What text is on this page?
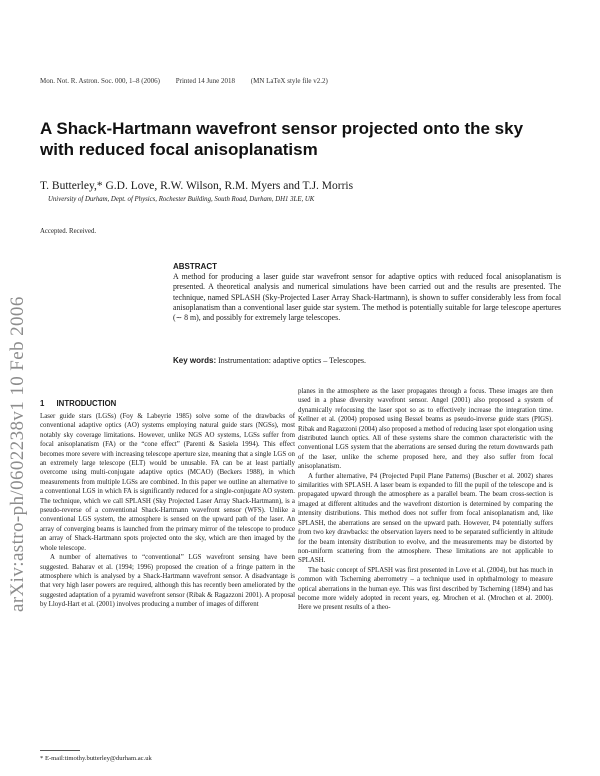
Mon. Not. R. Astron. Soc. 000, 1–8 (2006) Printed 14 June 2018 (MN LaTeX style file v2.2)
arXiv:astro-ph/0602238v1 10 Feb 2006
A Shack-Hartmann wavefront sensor projected onto the sky with reduced focal anisoplanatism

T. Butterley,* G.D. Love, R.W. Wilson, R.M. Myers and T.J. Morris

University of Durham, Dept. of Physics, Rochester Building, South Road, Durham, DH1 3LE, UK

Accepted. Received.

ABSTRACT

A method for producing a laser guide star wavefront sensor for adaptive optics with reduced focal anisoplanatism is presented. A theoretical analysis and numerical simulations have been carried out and the results are presented. The technique, named SPLASH (Sky-Projected Laser Array Shack-Hartmann), is shown to suffer considerably less from focal anisoplanatism than a conventional laser guide star system. The method is potentially suitable for large telescope apertures (∼ 8 m), and possibly for extremely large telescopes.

Key words: Instrumentation: adaptive optics – Telescopes.

1 INTRODUCTION

Laser guide stars (LGSs) (Foy & Labeyrie 1985) solve some of the drawbacks of conventional adaptive optics (AO) systems employing natural guide stars (NGSs), most notably sky coverage limitations. However, unlike NGS AO systems, LGSs suffer from focal anisoplanatism (FA) or the “cone effect” (Parenti & Sasiela 1994). This effect becomes more severe with increasing telescope aperture size, meaning that a single LGS on an extremely large telescope (ELT) would be unusable. FA can be at least partially overcome using multi-conjugate adaptive optics (MCAO) (Beckers 1988), in which measurements from multiple LGSs are combined. In this paper we outline an alternative to a conventional LGS in which FA is significantly reduced for a single-conjugate AO system. The technique, which we call SPLASH (Sky Projected Laser Array Shack-Hartmann), is a pseudo-reverse of a conventional Shack-Hartmann wavefront sensor (WFS). Unlike a conventional LGS system, the atmosphere is sensed on the upward path of the laser. An array of converging beams is launched from the primary mirror of the telescope to produce an array of Shack-Hartmann spots projected onto the sky, which are then imaged by the whole telescope.

A number of alternatives to “conventional” LGS wavefront sensing have been suggested. Baharav et al. (1994; 1996) proposed the creation of a fringe pattern in the atmosphere which is analysed by a Shack-Hartmann wavefront sensor. A disadvantage is that very high laser powers are required, although this has recently been ameliorated by the suggested adaptation of a pyramid wavefront sensor (Ribak & Ragazzoni 2001). A proposal by Lloyd-Hart et al. (2001) involves producing a number of images of different

planes in the atmosphere as the laser propagates through a focus. These images are then used in a phase diversity wavefront sensor. Angel (2001) also proposed a system of dynamically refocusing the laser spot so as to effectively increase the integration time. Kellner et al. (2004) proposed using Bessel beams as pseudo-inverse guide stars (PIGS). Ribak and Ragazzoni (2004) also proposed a method of reducing laser spot elongation using distributed launch optics. All of these systems share the common characteristic with the conventional LGS system that the aberrations are sensed during the return downwards path of the laser, unlike the scheme proposed here, and they also suffer from focal anisoplanatism.

A further alternative, P4 (Projected Pupil Plane Patterns) (Buscher et al. 2002) shares similarities with SPLASH. A laser beam is expanded to fill the pupil of the telescope and is propagated upward through the atmosphere as a parallel beam. The beam cross-section is imaged at different altitudes and the wavefront distortion is determined by comparing the intensity distributions. This method does not suffer from focal anisoplanatism and, like SPLASH, the aberrations are sensed on the upward path. However, P4 potentially suffers from two key drawbacks: the observation layers need to be separated sufficiently in altitude for the beam intensity distribution to evolve, and the measurements may be distorted by non-uniform scattering from the atmosphere. These limitations are not applicable to SPLASH.

The basic concept of SPLASH was first presented in Love et al. (2004), but has much in common with Tscherning aberrometry – a technique used in ophthalmology to measure optical aberrations in the human eye. This was first described by Tscherning (1894) and has become more widely adopted in recent years, eg. Mrochen et al. (Mrochen et al. 2000). Here we present results of a theo-

* E-mail:timothy.butterley@durham.ac.uk
